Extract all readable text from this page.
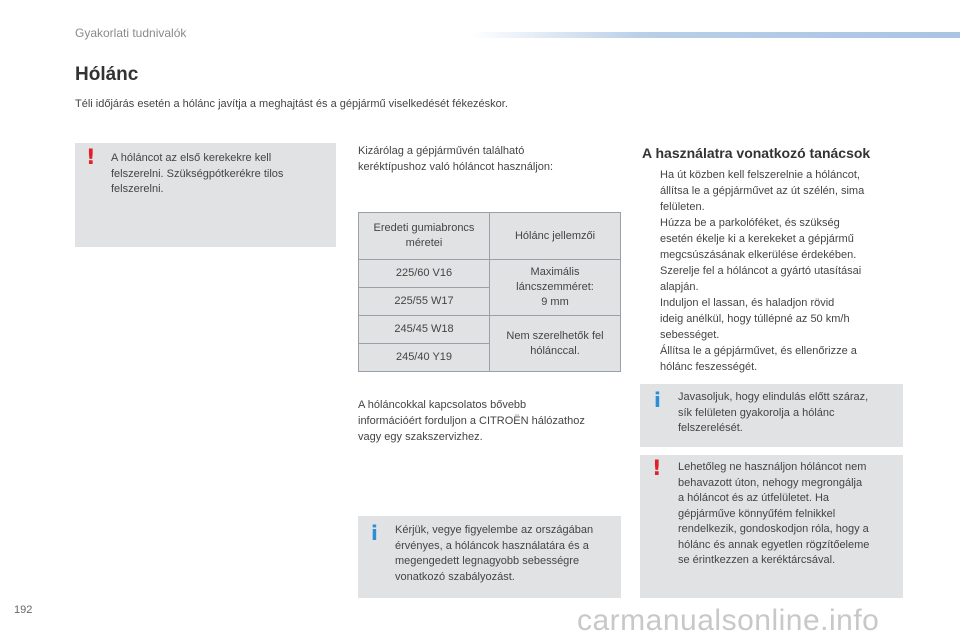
Gyakorlati tudnivalók
Hólánc
Téli időjárás esetén a hólánc javítja a meghajtást és a gépjármű viselkedését fékezéskor.
! A hóláncot az első kerekekre kell
felszerelni. Szükségpótkerékre tilos
felszerelni.
Kizárólag a gépjárművén található
keréktípushoz való hóláncot használjon:
Eredeti gumiabroncs
méretei	Hólánc jellemzői
225/60 V16	Maximális
láncszemméret:
9 mm

225/55 W17	
245/45 W18	Nem szerelhetők fel
hólánccal.

245/40 Y19	
A hóláncokkal kapcsolatos bővebb
információért forduljon a CITROËN hálózathoz
vagy egy szakszervizhez.
i Kérjük, vegye figyelembe az országában
érvényes, a hóláncok használatára és a
megengedett legnagyobb sebességre
vonatkozó szabályozást.
A használatra vonatkozó tanácsok
Ha út közben kell felszerelnie a hóláncot,
állítsa le a gépjárművet az út szélén, sima
felületen.
Húzza be a parkolóféket, és szükség
esetén ékelje ki a kerekeket a gépjármű
megcsúszásának elkerülése érdekében.
Szerelje fel a hóláncot a gyártó utasításai
alapján.
Induljon el lassan, és haladjon rövid
ideig anélkül, hogy túllépné az 50 km/h
sebességet.
Állítsa le a gépjárművet, és ellenőrizze a
hólánc feszességét.
i Javasoljuk, hogy elindulás előtt száraz,
sík felületen gyakorolja a hólánc
felszerelését.
! Lehetőleg ne használjon hóláncot nem
behavazott úton, nehogy megrongálja
a hóláncot és az útfelületet. Ha
gépjárműve könnyűfém felnikkel
rendelkezik, gondoskodjon róla, hogy a
hólánc és annak egyetlen rögzítőeleme
se érintkezzen a keréktárcsával.
192	carmanualsonline.info
